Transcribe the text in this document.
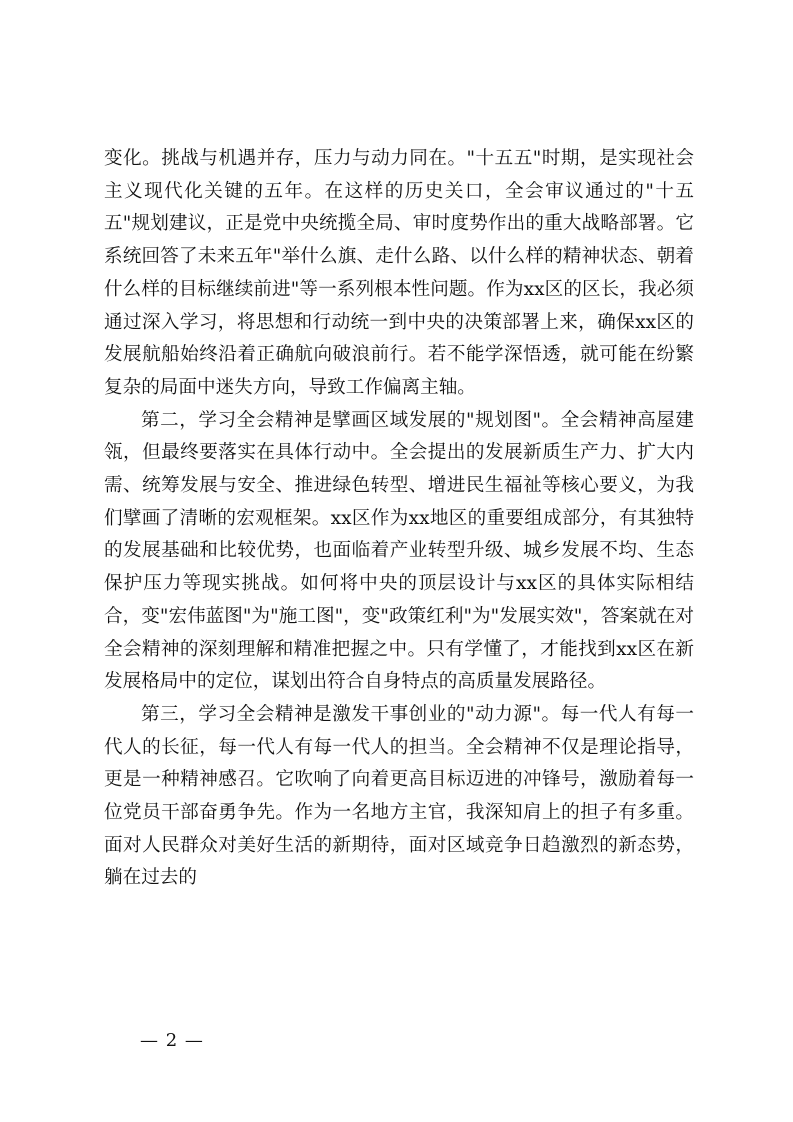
变化。挑战与机遇并存，压力与动力同在。"十五五"时期，是实现社会主义现代化关键的五年。在这样的历史关口，全会审议通过的"十五五"规划建议，正是党中央统揽全局、审时度势作出的重大战略部署。它系统回答了未来五年"举什么旗、走什么路、以什么样的精神状态、朝着什么样的目标继续前进"等一系列根本性问题。作为xx区的区长，我必须通过深入学习，将思想和行动统一到中央的决策部署上来，确保xx区的发展航船始终沿着正确航向破浪前行。若不能学深悟透，就可能在纷繁复杂的局面中迷失方向，导致工作偏离主轴。

第二，学习全会精神是擘画区域发展的"规划图"。全会精神高屋建瓴，但最终要落实在具体行动中。全会提出的发展新质生产力、扩大内需、统筹发展与安全、推进绿色转型、增进民生福祉等核心要义，为我们擘画了清晰的宏观框架。xx区作为xx地区的重要组成部分，有其独特的发展基础和比较优势，也面临着产业转型升级、城乡发展不均、生态保护压力等现实挑战。如何将中央的顶层设计与xx区的具体实际相结合，变"宏伟蓝图"为"施工图"，变"政策红利"为"发展实效"，答案就在对全会精神的深刻理解和精准把握之中。只有学懂了，才能找到xx区在新发展格局中的定位，谋划出符合自身特点的高质量发展路径。

第三，学习全会精神是激发干事创业的"动力源"。每一代人有每一代人的长征，每一代人有每一代人的担当。全会精神不仅是理论指导，更是一种精神感召。它吹响了向着更高目标迈进的冲锋号，激励着每一位党员干部奋勇争先。作为一名地方主官，我深知肩上的担子有多重。面对人民群众对美好生活的新期待，面对区域竞争日趋激烈的新态势，躺在过去的

— 2 —
